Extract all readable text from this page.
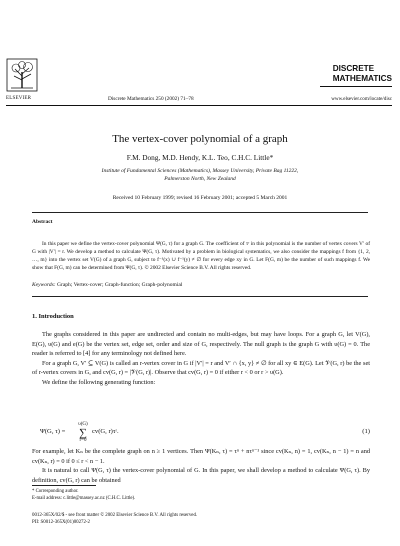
ELSEVIER	Discrete Mathematics 250 (2002) 71–78
DISCRETE
MATHEMATICS
www.elsevier.com/locate/disc
The vertex-cover polynomial of a graph
F.M. Dong, M.D. Hendy, K.L. Teo, C.H.C. Little*
Institute of Fundamental Sciences (Mathematics), Massey University, Private Bag 11222,
Palmerston North, New Zealand
Received 10 February 1999; revised 16 February 2001; accepted 5 March 2001
Abstract
In this paper we define the vertex-cover polynomial Ψ(G, τ) for a graph G. The coefficient of τʳ in this polynomial is the number of vertex covers V′ of G with |V′| = r. We develop a method to calculate Ψ(G, τ). Motivated by a problem in biological systematics, we also consider the mappings f from {1, 2, …, m} into the vertex set V(G) of a graph G, subject to f⁻¹(x) ∪ f⁻¹(y) ≠ ∅ for every edge xy in G. Let F(G, m) be the number of such mappings f. We show that F(G, m) can be determined from Ψ(G, τ). © 2002 Elsevier Science B.V. All rights reserved.
Keywords: Graph; Vertex-cover; Graph-function; Graph-polynomial
1. Introduction

The graphs considered in this paper are undirected and contain no multi-edges, but may have loops. For a graph G, let V(G), E(G), υ(G) and e(G) be the vertex set, edge set, order and size of G, respectively. The null graph is the graph G with υ(G) = 0. The reader is referred to [4] for any terminology not defined here.

For a graph G, V′ ⊆ V(G) is called an r-vertex cover in G if |V′| = r and V′ ∩ {x, y} ≠ ∅ for all xy ∈ E(G). Let 𝒱(G, r) be the set of r-vertex covers in G, and cv(G, r) = |𝒱(G, r)|. Observe that cv(G, r) = 0 if either r < 0 or r > υ(G).

We define the following generating function:

Ψ(G, τ) =
υ(G)
∑
r=0
cv(G, r)τʳ.	(1)

For example, let Kₙ be the complete graph on n ≥ 1 vertices. Then Ψ(Kₙ, τ) = τⁿ + nτⁿ⁻¹ since cv(Kₙ, n) = 1, cv(Kₙ, n − 1) = n and cv(Kₙ, r) = 0 if 0 ≤ r < n − 1.

It is natural to call Ψ(G, τ) the vertex-cover polynomial of G. In this paper, we shall develop a method to calculate Ψ(G, τ). By definition, cv(G, r) can be obtained

* Corresponding author.
E-mail address: c.little@massey.ac.nz (C.H.C. Little).
0012-365X/02/$ - see front matter © 2002 Elsevier Science B.V. All rights reserved.
PII: S0012-365X(01)00272-2
